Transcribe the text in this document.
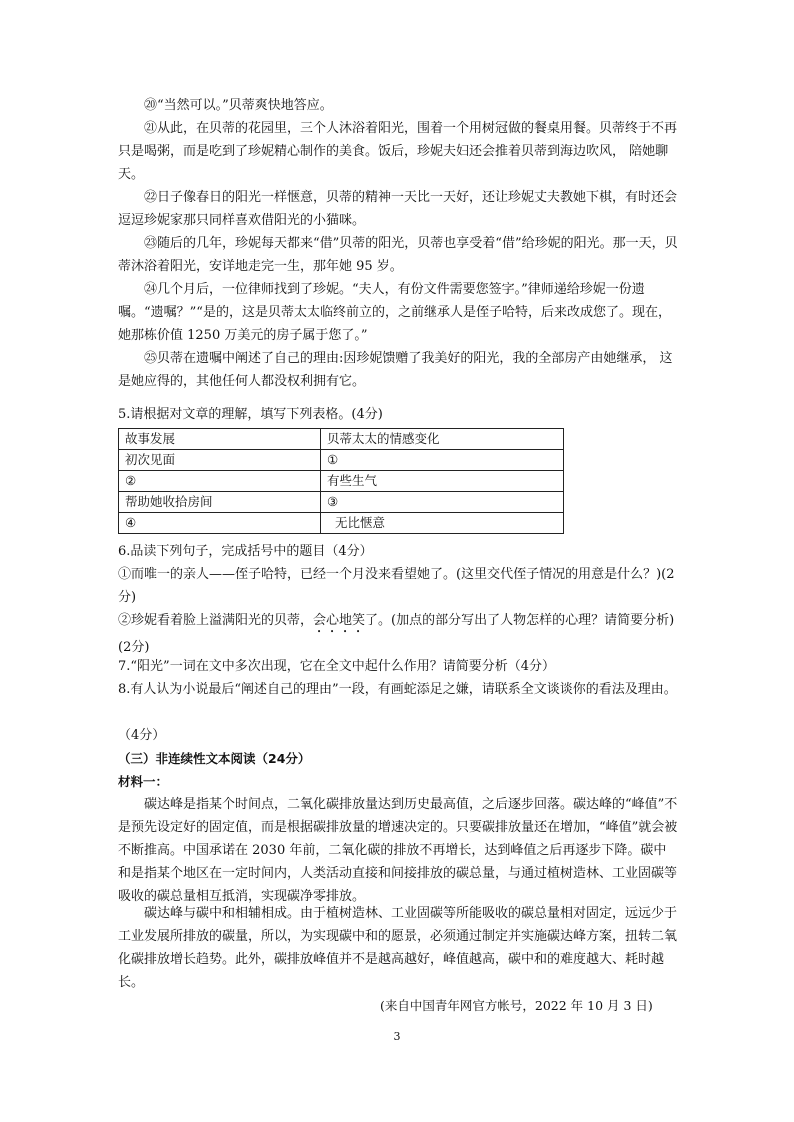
⑳“当然可以。”贝蒂爽快地答应。

㉑从此，在贝蒂的花园里，三个人沐浴着阳光，围着一个用树冠做的餐桌用餐。贝蒂终于不再只是喝粥，而是吃到了珍妮精心制作的美食。饭后，珍妮夫妇还会推着贝蒂到海边吹风， 陪她聊天。

㉒日子像春日的阳光一样惬意，贝蒂的精神一天比一天好，还让珍妮丈夫教她下棋，有时还会逗逗珍妮家那只同样喜欢借阳光的小猫咪。

㉓随后的几年，珍妮每天都来“借”贝蒂的阳光，贝蒂也享受着“借”给珍妮的阳光。那一天，贝蒂沐浴着阳光，安详地走完一生，那年她 95 岁。

㉔几个月后，一位律师找到了珍妮。“夫人，有份文件需要您签字。”律师递给珍妮一份遗嘱。“遗嘱？”“是的，这是贝蒂太太临终前立的，之前继承人是侄子哈特，后来改成您了。现在，她那栋价值 1250 万美元的房子属于您了。”

㉕贝蒂在遗嘱中阐述了自己的理由:因珍妮馈赠了我美好的阳光，我的全部房产由她继承， 这是她应得的，其他任何人都没权利拥有它。

5.请根据对文章的理解，填写下列表格。(4分)

故事发展	贝蒂太太的情感变化
初次见面	①
②	有些生气
帮助她收拾房间	③
④	无比惬意

6.品读下列句子，完成括号中的题目（4分）

①而唯一的亲人——侄子哈特，已经一个月没来看望她了。(这里交代侄子情况的用意是什么？)(2分)

②珍妮看着脸上溢满阳光的贝蒂，会心地笑了。(加点的部分写出了人物怎样的心理？请简要分析)(2分)

7.“阳光”一词在文中多次出现，它在全文中起什么作用？请简要分析（4分）

8.有人认为小说最后“阐述自己的理由”一段，有画蛇添足之嫌，请联系全文谈谈你的看法及理由。

（4分）

（三）非连续性文本阅读（24分）

材料一：

碳达峰是指某个时间点，二氧化碳排放量达到历史最高值，之后逐步回落。碳达峰的“峰值”不是预先设定好的固定值，而是根据碳排放量的增速决定的。只要碳排放量还在增加，“峰值”就会被不断推高。中国承诺在 2030 年前，二氧化碳的排放不再增长，达到峰值之后再逐步下降。碳中和是指某个地区在一定时间内，人类活动直接和间接排放的碳总量，与通过植树造林、工业固碳等吸收的碳总量相互抵消，实现碳净零排放。

碳达峰与碳中和相辅相成。由于植树造林、工业固碳等所能吸收的碳总量相对固定，远远少于工业发展所排放的碳量，所以，为实现碳中和的愿景，必须通过制定并实施碳达峰方案，扭转二氧化碳排放增长趋势。此外，碳排放峰值并不是越高越好，峰值越高，碳中和的难度越大、耗时越长。

(来自中国青年网官方帐号，2022 年 10 月 3 日)
3
